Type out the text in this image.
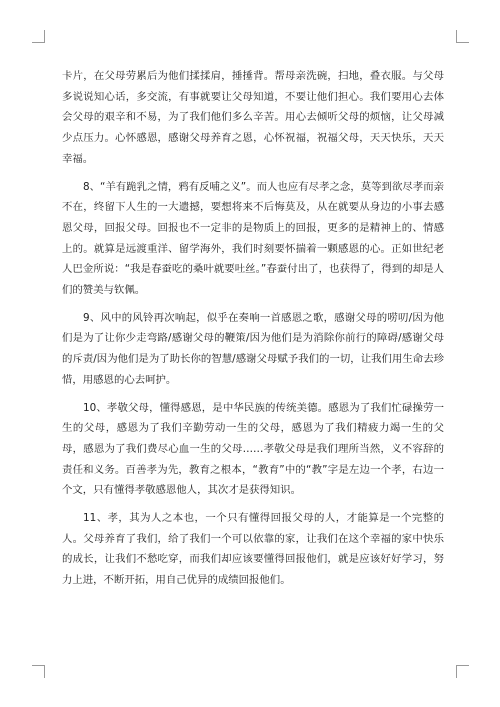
卡片，在父母劳累后为他们揉揉肩，捶捶背。帮母亲洗碗，扫地，叠衣服。与父母多说说知心话，多交流，有事就要让父母知道，不要让他们担心。我们要用心去体会父母的艰辛和不易，为了我们他们多么辛苦。用心去倾听父母的烦恼，让父母减少点压力。心怀感恩，感谢父母养育之恩，心怀祝福，祝福父母，天天快乐，天天幸福。

8、“羊有跪乳之情，鸦有反哺之义”。而人也应有尽孝之念，莫等到欲尽孝而亲不在，终留下人生的一大遗撼，要想将来不后悔莫及，从在就要从身边的小事去感恩父母，回报父母。回报也不一定非的是物质上的回报，更多的是精神上的、情感上的。就算是远渡重洋、留学海外，我们时刻要怀揣着一颗感恩的心。正如世纪老人巴金所说：“我是春蚕吃的桑叶就要吐丝。”春蚕付出了，也获得了，得到的却是人们的赞美与钦佩。

9、风中的风铃再次响起，似乎在奏响一首感恩之歌，感谢父母的唠叨/因为他们是为了让你少走弯路/感谢父母的鞭策/因为他们是为消除你前行的障碍/感谢父母的斥责/因为他们是为了助长你的智慧/感谢父母赋予我们的一切，让我们用生命去珍惜，用感恩的心去呵护。

10、孝敬父母，懂得感恩，是中华民族的传统美德。感恩为了我们忙碌操劳一生的父母，感恩为了我们辛勤劳动一生的父母，感恩为了我们精疲力竭一生的父母，感恩为了我们费尽心血一生的父母……孝敬父母是我们理所当然，义不容辞的责任和义务。百善孝为先，教育之根本，“教育”中的“教”字是左边一个孝，右边一个文，只有懂得孝敬感恩他人，其次才是获得知识。

11、孝，其为人之本也，一个只有懂得回报父母的人，才能算是一个完整的人。父母养育了我们，给了我们一个可以依靠的家，让我们在这个幸福的家中快乐的成长，让我们不愁吃穿，而我们却应该要懂得回报他们，就是应该好好学习，努力上进，不断开拓，用自己优异的成绩回报他们。
